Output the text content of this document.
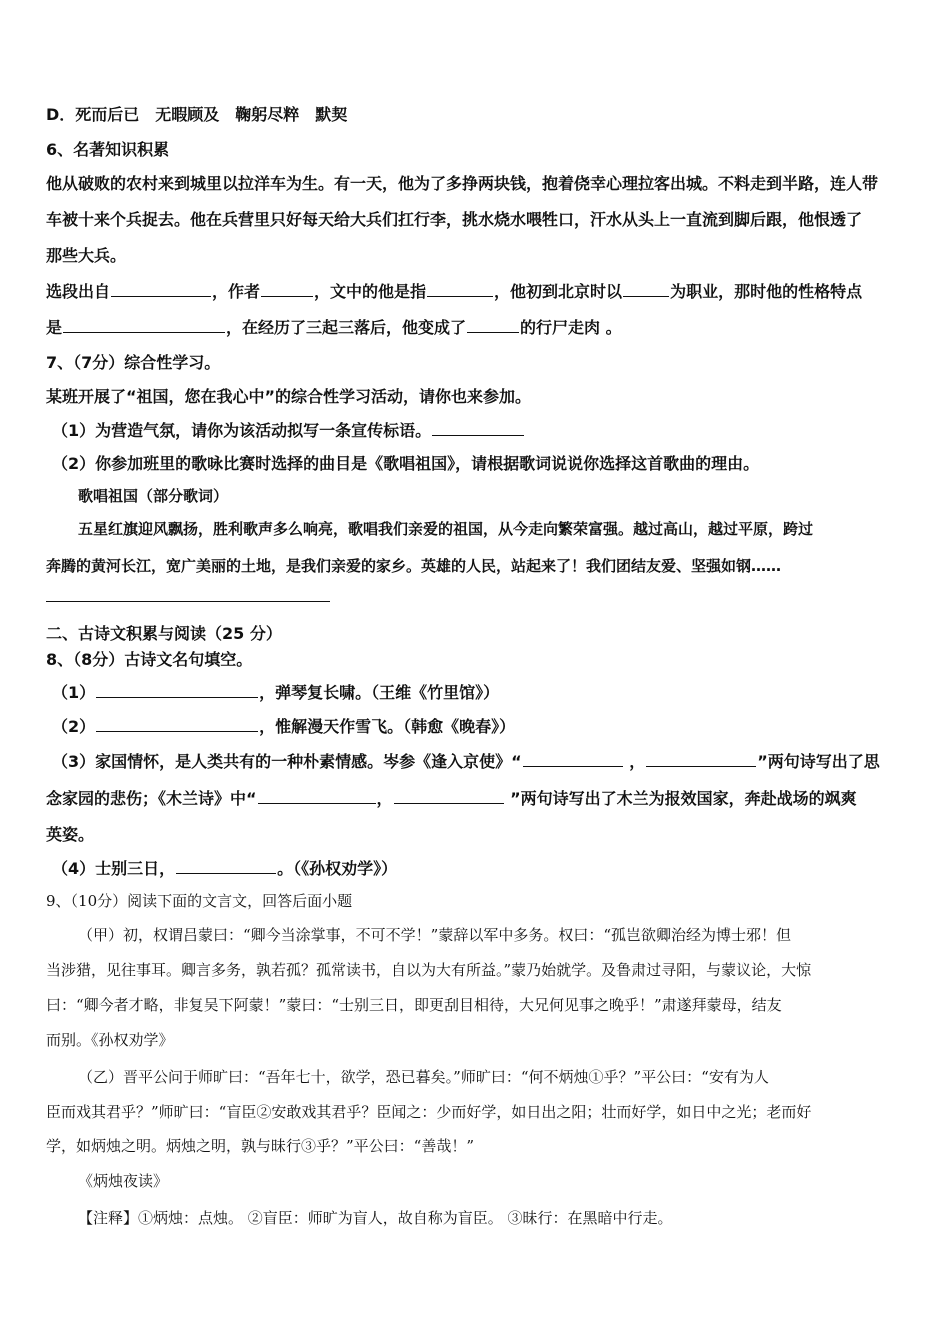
D．死而后已　无暇顾及　鞠躬尽粹　默契
6、名著知识积累
他从破败的农村来到城里以拉洋车为生。有一天，他为了多挣两块钱，抱着侥幸心理拉客出城。不料走到半路，连人带
车被十来个兵捉去。他在兵营里只好每天给大兵们扛行李，挑水烧水喂牲口，汗水从头上一直流到脚后跟，他恨透了
那些大兵。
选段出自	，作者	，文中的他是指	，他初到北京时以	为职业，那时他的性格特点
是	，在经历了三起三落后，他变成了	的行尸走肉 。
7、（7分）综合性学习。
某班开展了“祖国，您在我心中”的综合性学习活动，请你也来参加。
（1）为营造气氛，请你为该活动拟写一条宣传标语。
（2）你参加班里的歌咏比赛时选择的曲目是《歌唱祖国》，请根据歌词说说你选择这首歌曲的理由。
歌唱祖国（部分歌词）
五星红旗迎风飘扬，胜利歌声多么响亮，歌唱我们亲爱的祖国，从今走向繁荣富强。越过高山，越过平原，跨过
奔腾的黄河长江，宽广美丽的土地，是我们亲爱的家乡。英雄的人民，站起来了！我们团结友爱、坚强如钢……
二、古诗文积累与阅读（25 分）
8、（8分）古诗文名句填空。
（1）	，弹琴复长啸。（王维《竹里馆》）
（2）	，惟解漫天作雪飞。（韩愈《晚春》）
（3）家国情怀，是人类共有的一种朴素情感。岑参《逢入京使》“	，	”两句诗写出了思
念家园的悲伤；《木兰诗》中“	，	”两句诗写出了木兰为报效国家，奔赴战场的飒爽
英姿。
（4）士别三日，	。（《孙权劝学》）
9、（10分）阅读下面的文言文，回答后面小题
（甲）初，权谓吕蒙曰：“卿今当涂掌事，不可不学！”蒙辞以军中多务。权曰：“孤岂欲卿治经为博士邪！但
当涉猎，见往事耳。卿言多务，孰若孤？孤常读书，自以为大有所益。”蒙乃始就学。及鲁肃过寻阳，与蒙议论，大惊
曰：“卿今者才略，非复吴下阿蒙！”蒙曰：“士别三日，即更刮目相待，大兄何见事之晚乎！”肃遂拜蒙母，结友
而别。《孙权劝学》
（乙）晋平公问于师旷曰：“吾年七十，欲学，恐已暮矣。”师旷曰：“何不炳烛①乎？”平公曰：“安有为人
臣而戏其君乎？”师旷曰：“盲臣②安敢戏其君乎？臣闻之：少而好学，如日出之阳；壮而好学，如日中之光；老而好
学，如炳烛之明。炳烛之明，孰与昧行③乎？”平公曰：“善哉！”
《炳烛夜读》
【注释】①炳烛：点烛。 ②盲臣：师旷为盲人，故自称为盲臣。 ③昧行：在黑暗中行走。
